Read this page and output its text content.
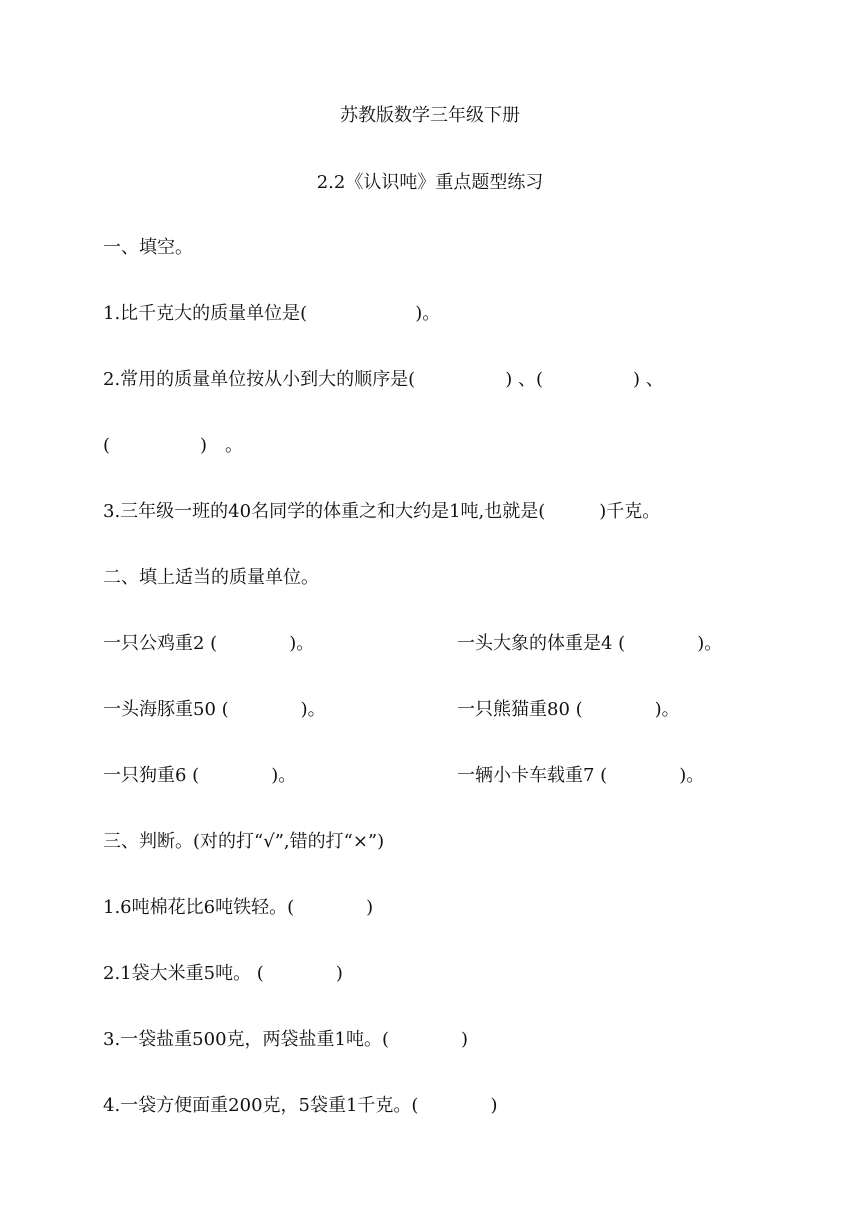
苏教版数学三年级下册
2.2《认识吨》重点题型练习
一、填空。
1.比千克大的质量单位是(　　　　　　)。
2.常用的质量单位按从小到大的顺序是(　　　　　) 、(　　　　　) 、
(　　　　　)　。
3.三年级一班的40名同学的体重之和大约是1吨,也就是(　　　)千克。
二、填上适当的质量单位。
一只公鸡重2 (　　　　)。	一头大象的体重是4 (　　　　)。
一头海豚重50 (　　　　)。	一只熊猫重80 (　　　　)。
一只狗重6 (　　　　)。	一辆小卡车载重7 (　　　　)。
三、判断。(对的打“√”,错的打“×”)
1.6吨棉花比6吨铁轻。(　　　　)
2.1袋大米重5吨。 (　　　　)
3.一袋盐重500克，两袋盐重1吨。(　　　　)
4.一袋方便面重200克，5袋重1千克。(　　　　)
